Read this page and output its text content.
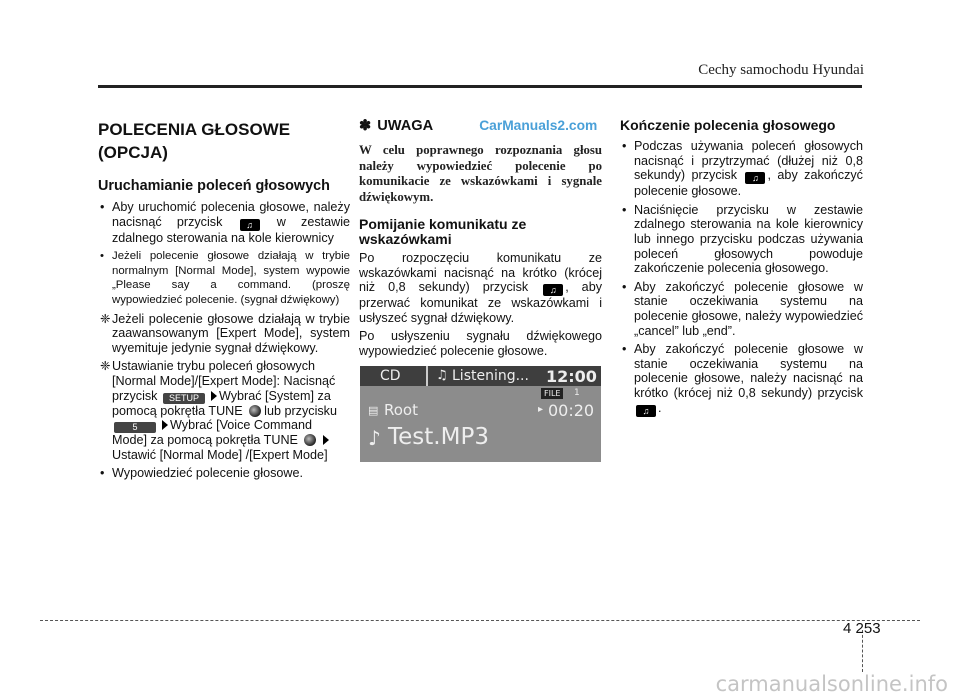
Cechy samochodu Hyundai
POLECENIA GŁOSOWE (OPCJA)
Uruchamianie poleceń głosowych
• Aby uruchomić polecenia głosowe, należy nacisnąć przycisk	♫ w zestawie zdalnego sterowania na kole kierownicy
• Jeżeli polecenie głosowe działają w trybie normalnym [Normal Mode], system wypowie „Please say a command. (proszę wypowiedzieć polecenie. (sygnał dźwiękowy)
❈ Jeżeli polecenie głosowe działają w trybie zaawansowanym [Expert Mode], system wyemituje jedynie sygnał dźwiękowy.
❈ Ustawianie trybu poleceń głosowych [Normal Mode]/[Expert Mode]: Nacisnąć przycisk SETUP Wybrać [System] za pomocą pokrętła TUNE lub przycisku 5	Wybrać [Voice Command Mode] za pomocą pokrętła TUNE Ustawić [Normal Mode] /[Expert Mode]
• Wypowiedzieć polecenie głosowe.
✽ UWAGA	CarManuals2.com
W celu poprawnego rozpoznania głosu należy wypowiedzieć polecenie po komunikacie ze wskazówkami i sygnale dźwiękowym.
Pomijanie komunikatu ze wskazówkami
Po rozpoczęciu komunikatu ze wskazówkami nacisnąć na krótko (krócej niż 0,8 sekundy) przycisk ♫ , aby przerwać komunikat ze wskazówkami i usłyszeć sygnał dźwiękowy.
Po usłyszeniu sygnału dźwiękowego wypowiedzieć polecenie głosowe.
CD	♫ Listening... 12:00
FILE	1
▤ Root	▸ 00:20
♪ Test.MP3
Kończenie polecenia głosowego
• Podczas używania poleceń głosowych nacisnąć i przytrzymać (dłużej niż 0,8 sekundy) przycisk ♫ , aby zakończyć polecenie głosowe.
• Naciśnięcie przycisku w zestawie zdalnego sterowania na kole kierownicy lub innego przycisku podczas używania poleceń głosowych powoduje zakończenie polecenia głosowego.
• Aby zakończyć polecenie głosowe w stanie oczekiwania systemu na polecenie głosowe, należy wypowiedzieć „cancel” lub „end”.
• Aby zakończyć polecenie głosowe w stanie oczekiwania systemu na polecenie głosowe, należy nacisnąć na krótko (krócej niż 0,8 sekundy) przycisk ♫ .
4 253
carmanualsonline.info
